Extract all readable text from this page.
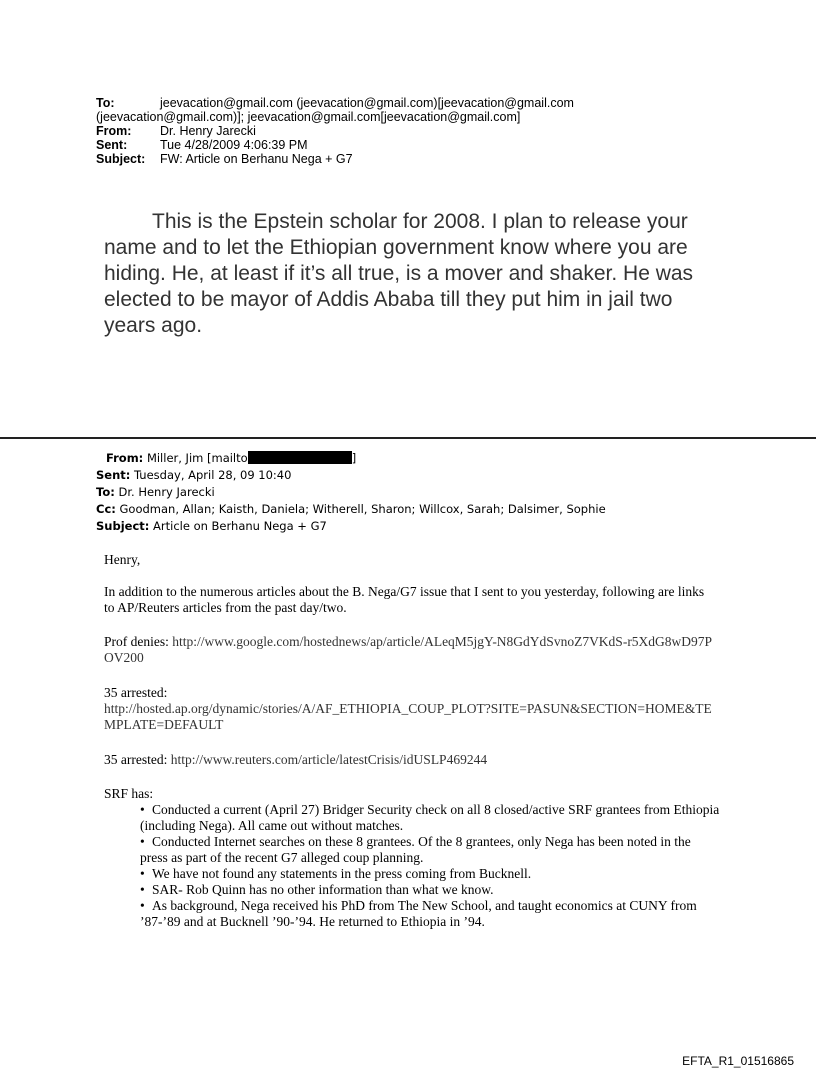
To:	jeevacation@gmail.com (jeevacation@gmail.com)[jeevacation@gmail.com
(jeevacation@gmail.com)]; jeevacation@gmail.com[jeevacation@gmail.com]
From: Dr. Henry Jarecki
Sent:	Tue 4/28/2009 4:06:39 PM
Subject: FW: Article on Berhanu Nega + G7

This is the Epstein scholar for 2008. I plan to release your name and to let the Ethiopian government know where you are hiding. He, at least if it’s all true, is a mover and shaker. He was elected to be mayor of Addis Ababa till they put him in jail two years ago.

From: Miller, Jim [mailto	]
Sent: Tuesday, April 28, 09 10:40
To: Dr. Henry Jarecki
Cc: Goodman, Allan; Kaisth, Daniela; Witherell, Sharon; Willcox, Sarah; Dalsimer, Sophie
Subject: Article on Berhanu Nega + G7

Henry,

In addition to the numerous articles about the B. Nega/G7 issue that I sent to you yesterday, following are links to AP/Reuters articles from the past day/two.

Prof denies: http://www.google.com/hostednews/ap/article/ALeqM5jgY-N8GdYdSvnoZ7VKdS-r5XdG8wD97POV200

35 arrested:
http://hosted.ap.org/dynamic/stories/A/AF_ETHIOPIA_COUP_PLOT?SITE=PASUN&SECTION=HOME&TEMPLATE=DEFAULT

35 arrested: http://www.reuters.com/article/latestCrisis/idUSLP469244

SRF has:

• Conducted a current (April 27) Bridger Security check on all 8 closed/active SRF grantees from Ethiopia (including Nega). All came out without matches.
• Conducted Internet searches on these 8 grantees. Of the 8 grantees, only Nega has been noted in the press as part of the recent G7 alleged coup planning.
• We have not found any statements in the press coming from Bucknell.
• SAR- Rob Quinn has no other information than what we know.
• As background, Nega received his PhD from The New School, and taught economics at CUNY from ’87-’89 and at Bucknell ’90-’94. He returned to Ethiopia in ’94.
EFTA_R1_01516865
